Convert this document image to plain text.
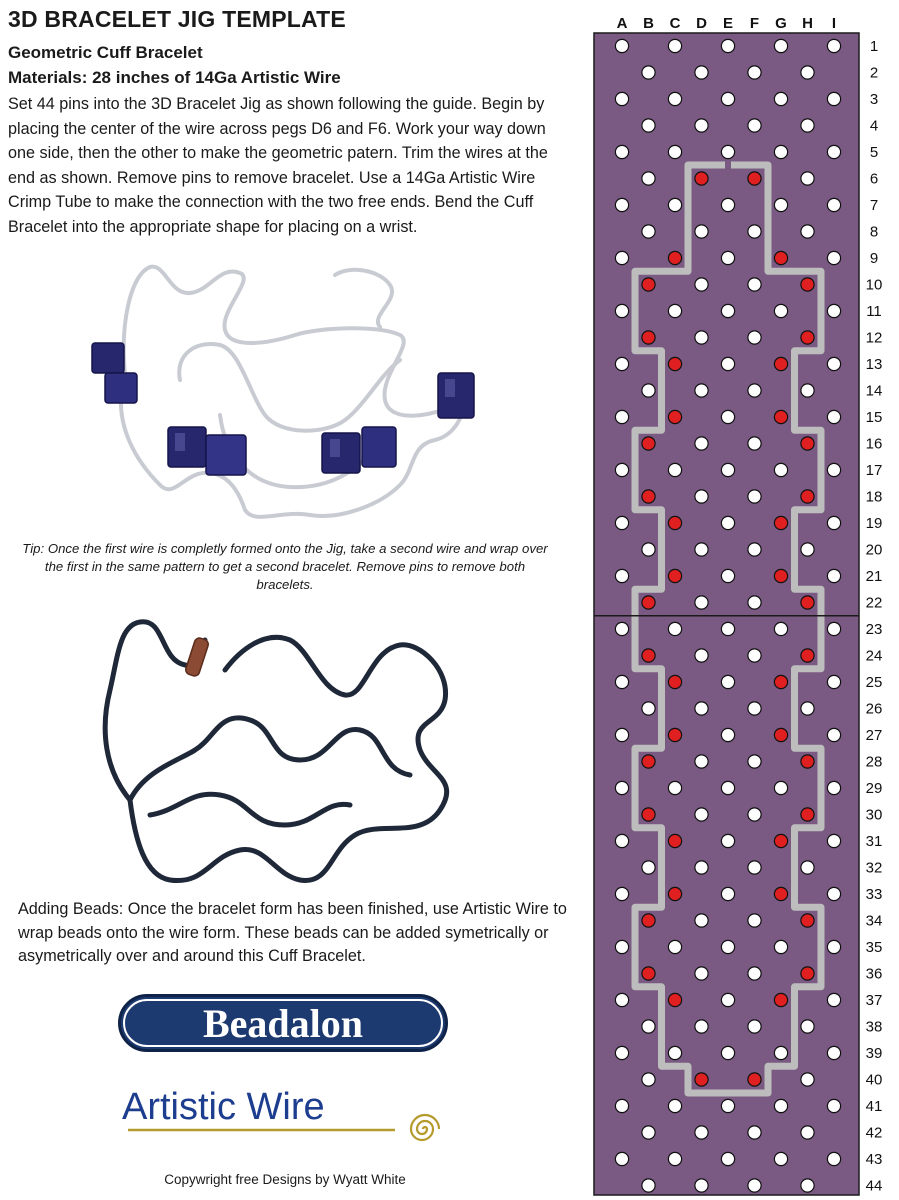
3D BRACELET JIG TEMPLATE
Geometric Cuff Bracelet
Materials: 28 inches of 14Ga Artistic Wire

Set 44 pins into the 3D Bracelet Jig as shown following the guide. Begin by placing the center of the wire across pegs D6 and F6. Work your way down one side, then the other to make the geometric patern. Trim the wires at the end as shown. Remove pins to remove bracelet. Use a 14Ga Artistic Wire Crimp Tube to make the connection with the two free ends. Bend the Cuff Bracelet into the appropriate shape for placing on a wrist.

Tip: Once the first wire is completly formed onto the Jig, take a second wire and wrap over the first in the same pattern to get a second bracelet. Remove pins to remove both bracelets.

Adding Beads: Once the bracelet form has been finished, use Artistic Wire to wrap beads onto the wire form. These beads can be added symetrically or asymetrically over and around this Cuff Bracelet.

Beadalon
Artistic Wire
Copywright free Designs by Wyatt White
A B C D E F G H I
1
2
3
4
5
6
7
8
9
10
11
12
13
14
15
16
17
18
19
20
21
22
23
24
25
26
27
28
29
30
31
32
33
34
35
36
37
38
39
40
41
42
43
44
